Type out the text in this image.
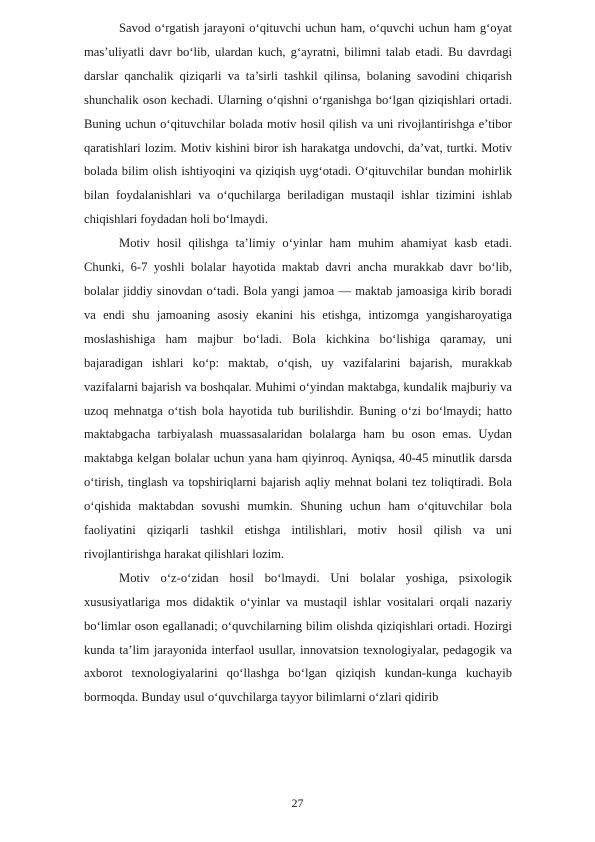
Savod o‘rgatish jarayoni o‘qituvchi uchun ham, o‘quvchi uchun ham g‘oyat mas’uliyatli davr bo‘lib, ulardan kuch, g‘ayratni, bilimni talab etadi. Bu davrdagi darslar qanchalik qiziqarli va ta’sirli tashkil qilinsa, bolaning savodini chiqarish shunchalik oson kechadi. Ularning o‘qishni o‘rganishga bo‘lgan qiziqishlari ortadi. Buning uchun o‘qituvchilar bolada motiv hosil qilish va uni rivojlantirishga e’tibor qaratishlari lozim. Motiv kishini biror ish harakatga undovchi, da’vat, turtki. Motiv bolada bilim olish ishtiyoqini va qiziqish uyg‘otadi. O‘qituvchilar bundan mohirlik bilan foydalanishlari va o‘quchilarga beriladigan mustaqil ishlar tizimini ishlab chiqishlari foydadan holi bo‘lmaydi.

Motiv hosil qilishga ta’limiy o‘yinlar ham muhim ahamiyat kasb etadi. Chunki, 6-7 yoshli bolalar hayotida maktab davri ancha murakkab davr bo‘lib, bolalar jiddiy sinovdan o‘tadi. Bola yangi jamoa — maktab jamoasiga kirib boradi va endi shu jamoaning asosiy ekanini his etishga, intizomga yangisharoyatiga moslashishiga ham majbur bo‘ladi. Bola kichkina bo‘lishiga qaramay, uni bajaradigan ishlari ko‘p: maktab, o‘qish, uy vazifalarini bajarish, murakkab vazifalarni bajarish va boshqalar. Muhimi o‘yindan maktabga, kundalik majburiy va uzoq mehnatga o‘tish bola hayotida tub burilishdir. Buning o‘zi bo‘lmaydi; hatto maktabgacha tarbiyalash muassasalaridan bolalarga ham bu oson emas. Uydan maktabga kelgan bolalar uchun yana ham qiyinroq. Ayniqsa, 40-45 minutlik darsda o‘tirish, tinglash va topshiriqlarni bajarish aqliy mehnat bolani tez toliqtiradi. Bola o‘qishida maktabdan sovushi mumkin. Shuning uchun ham o‘qituvchilar bola faoliyatini qiziqarli tashkil etishga intilishlari, motiv hosil qilish va uni rivojlantirishga harakat qilishlari lozim.

Motiv o‘z-o‘zidan hosil bo‘lmaydi. Uni bolalar yoshiga, psixologik xususiyatlariga mos didaktik o‘yinlar va mustaqil ishlar vositalari orqali nazariy bo‘limlar oson egallanadi; o‘quvchilarning bilim olishda qiziqishlari ortadi. Hozirgi kunda ta’lim jarayonida interfaol usullar, innovatsion texnologiyalar, pedagogik va axborot texnologiyalarini qo‘llashga bo‘lgan qiziqish kundan-kunga kuchayib bormoqda. Bunday usul o‘quvchilarga tayyor bilimlarni o‘zlari qidirib

27
